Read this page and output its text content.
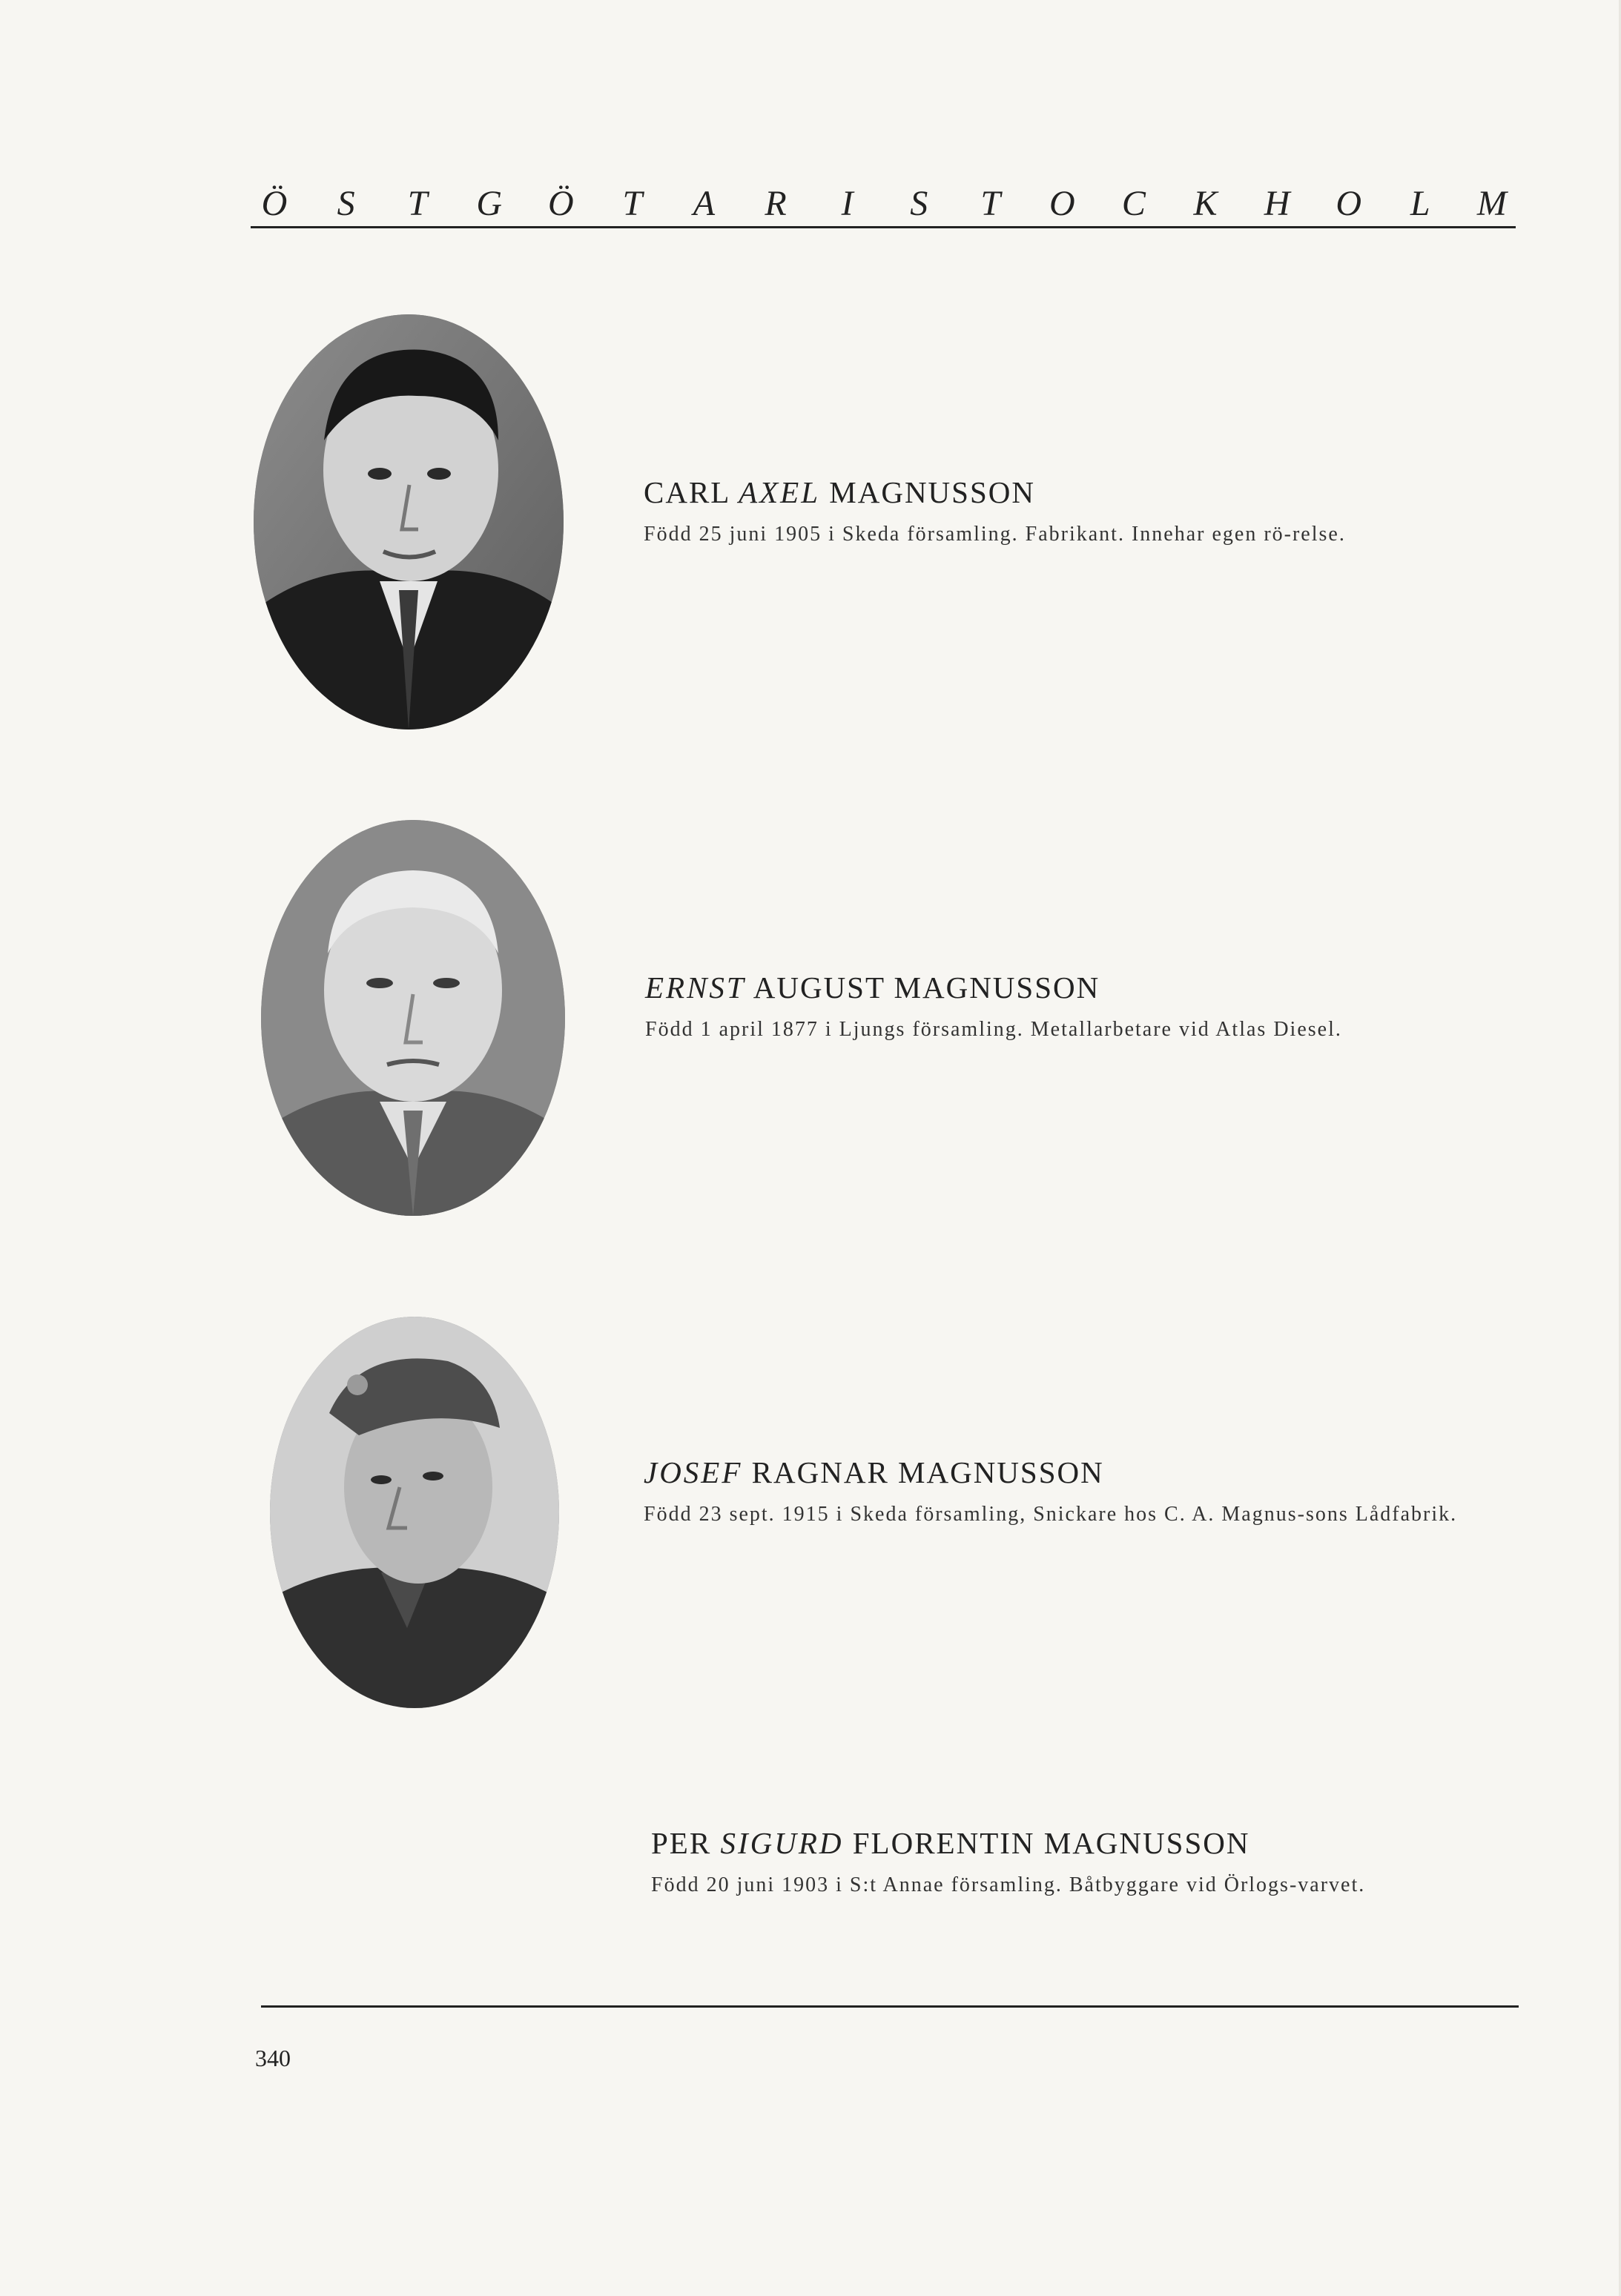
Ö	S	T	G	Ö	T	A	R	I	S	T	O	C	K	H	O	L	M
CARL AXEL MAGNUSSON
Född 25 juni 1905 i Skeda församling. Fabrikant. Innehar egen rö-relse.
ERNST AUGUST MAGNUSSON
Född 1 april 1877 i Ljungs församling. Metallarbetare vid Atlas Diesel.
JOSEF RAGNAR MAGNUSSON
Född 23 sept. 1915 i Skeda församling, Snickare hos C. A. Magnus-sons Lådfabrik.
PER SIGURD FLORENTIN MAGNUSSON
Född 20 juni 1903 i S:t Annae församling. Båtbyggare vid Örlogs-varvet.
340
